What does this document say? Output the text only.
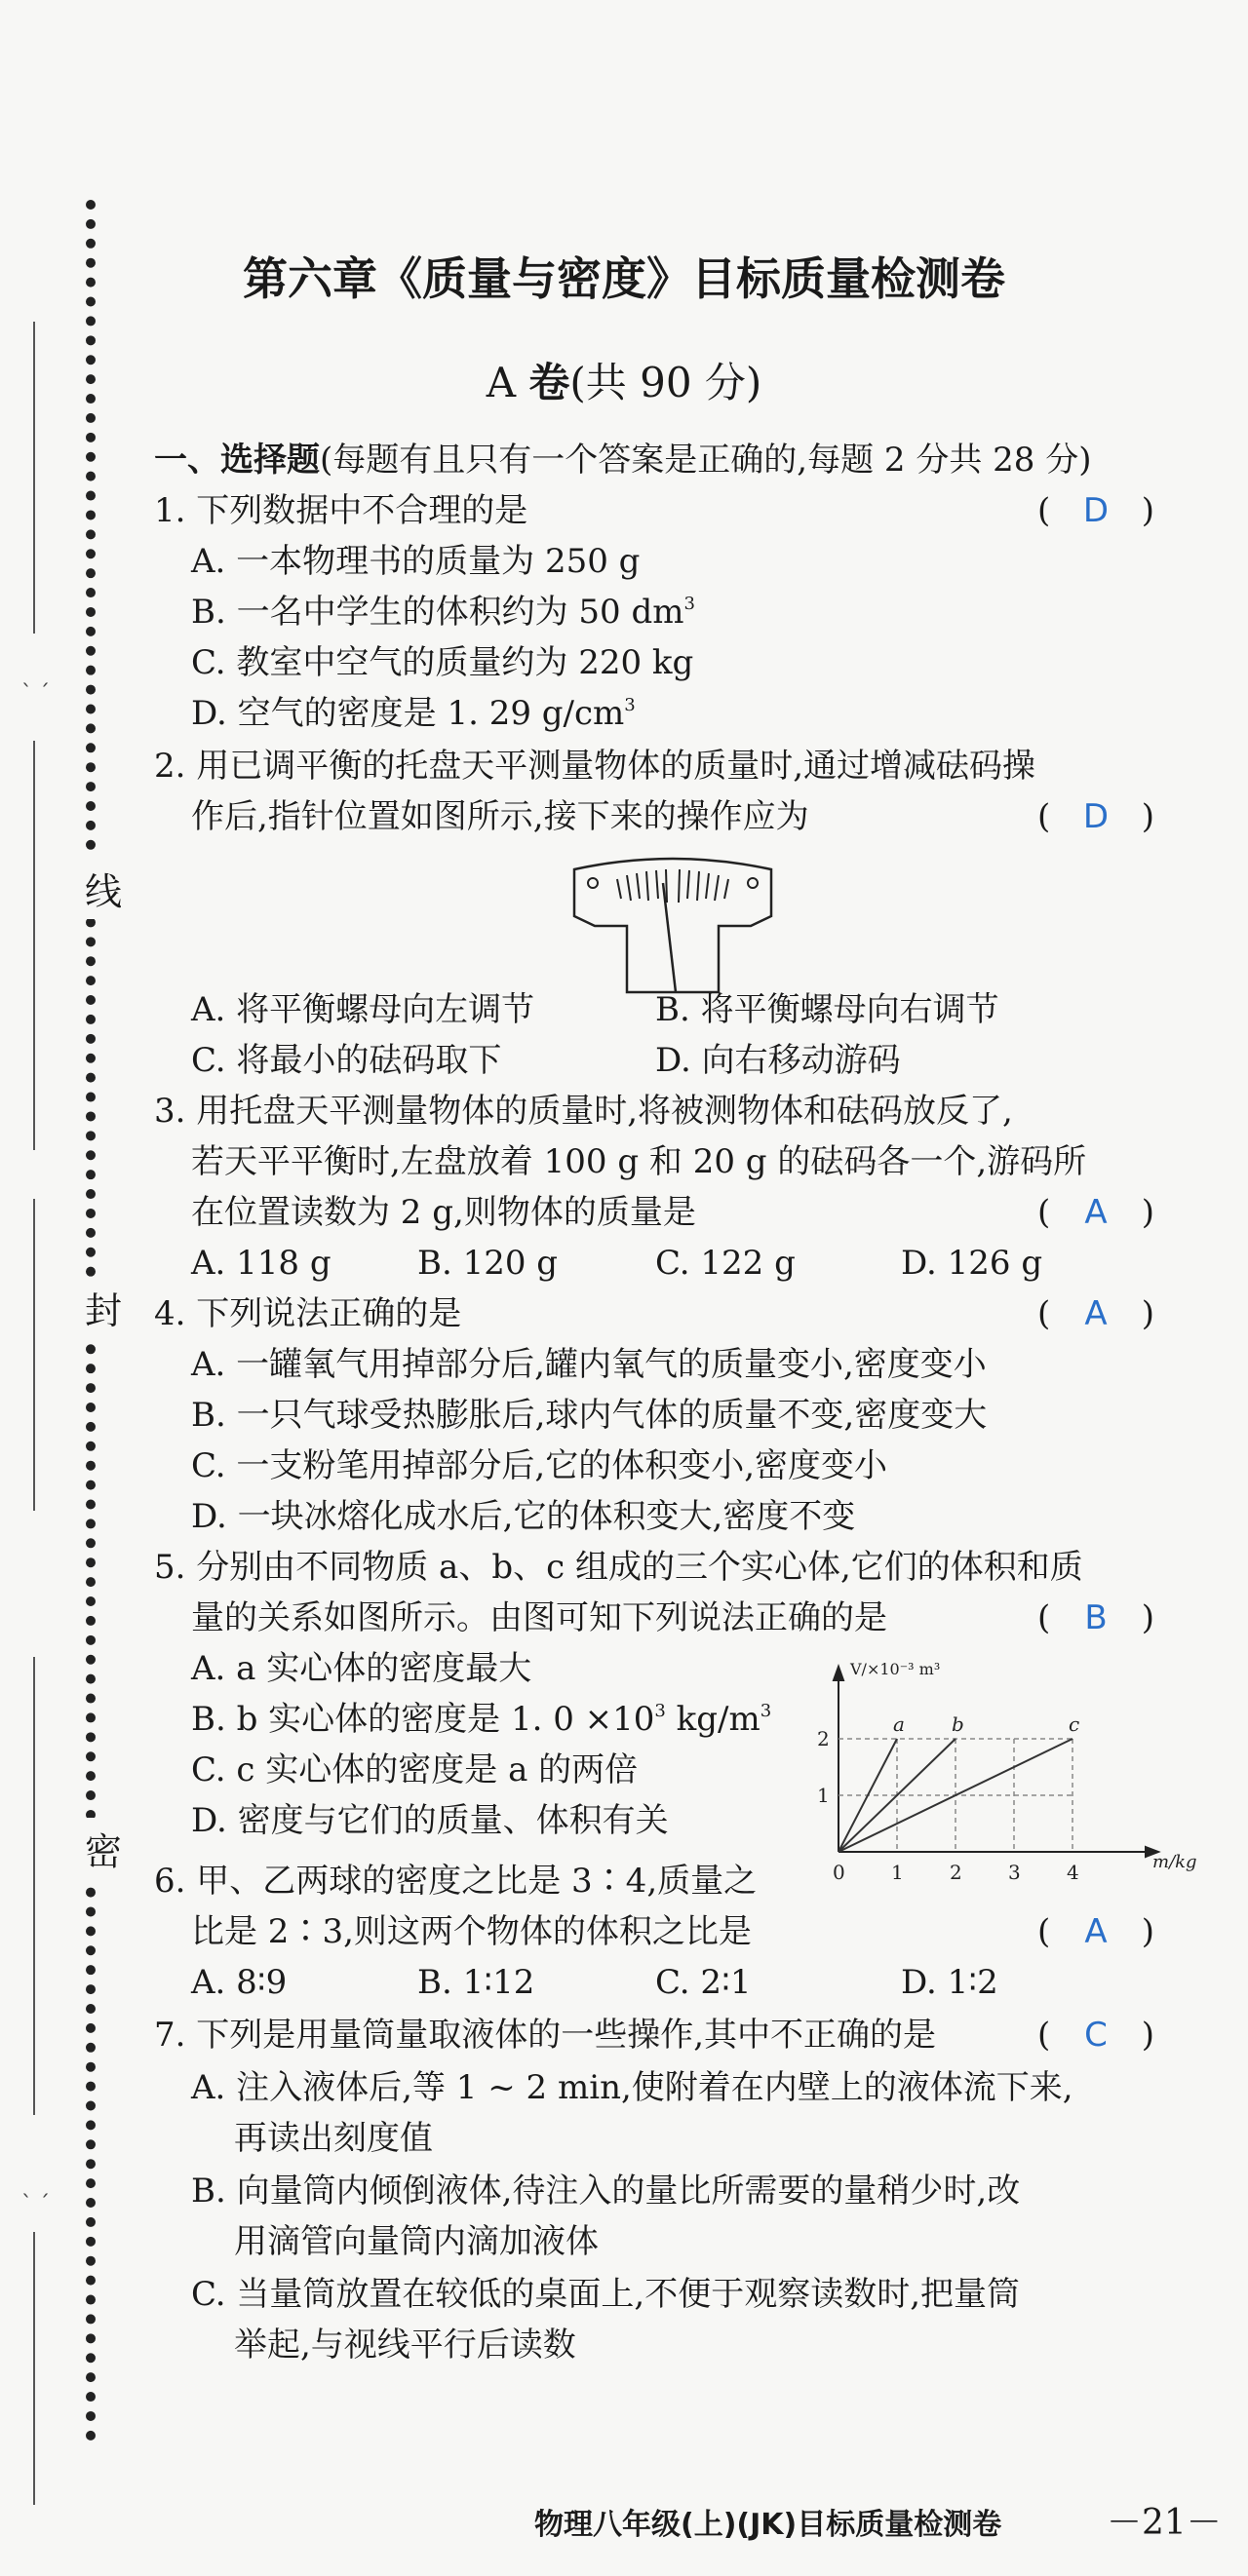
ˎ ˏ
ˎ ˏ
线
封
密
第六章《质量与密度》目标质量检测卷
A 卷(共 90 分)
一、选择题(每题有且只有一个答案是正确的,每题 2 分共 28 分)
1. 下列数据中不合理的是	( D )
A. 一本物理书的质量为 250 g
B. 一名中学生的体积约为 50 $dm^3$
C. 教室中空气的质量约为 220 kg
D. 空气的密度是 1. 29 $g/cm^3$
2. 用已调平衡的托盘天平测量物体的质量时,通过增减砝码操
作后,指针位置如图所示,接下来的操作应为	( D )
A. 将平衡螺母向左调节	B. 将平衡螺母向右调节
C. 将最小的砝码取下	D. 向右移动游码
3. 用托盘天平测量物体的质量时,将被测物体和砝码放反了,
若天平平衡时,左盘放着 100 g 和 20 g 的砝码各一个,游码所
在位置读数为 2 g,则物体的质量是	( A )
A. 118 g	B. 120 g	C. 122 g	D. 126 g
4. 下列说法正确的是	( A )
A. 一罐氧气用掉部分后,罐内氧气的质量变小,密度变小
B. 一只气球受热膨胀后,球内气体的质量不变,密度变大
C. 一支粉笔用掉部分后,它的体积变小,密度变小
D. 一块冰熔化成水后,它的体积变大,密度不变
5. 分别由不同物质 a、b、c 组成的三个实心体,它们的体积和质
量的关系如图所示。由图可知下列说法正确的是	( B )
A. a 实心体的密度最大
B. b 实心体的密度是 1. $0 \times 10^3$ $kg/m^3$
C. c 实心体的密度是 a 的两倍
D. 密度与它们的质量、体积有关
a b	c
0 1 2 3 4
1
2
m/kg
V/×10⁻³ m³
6. 甲、乙两球的密度之比是 3∶4,质量之
比是 2∶3,则这两个物体的体积之比是	( A )
A. 8∶9	B. 1∶12	C. 2∶1	D. 1∶2
7. 下列是用量筒量取液体的一些操作,其中不正确的是	( C )
A. 注入液体后,等 1 ~ 2 min,使附着在内壁上的液体流下来,
再读出刻度值
B. 向量筒内倾倒液体,待注入的量比所需要的量稍少时,改
用滴管向量筒内滴加液体
C. 当量筒放置在较低的桌面上,不便于观察读数时,把量筒
举起,与视线平行后读数
物理八年级(上)(JK)目标质量检测卷	－21－
